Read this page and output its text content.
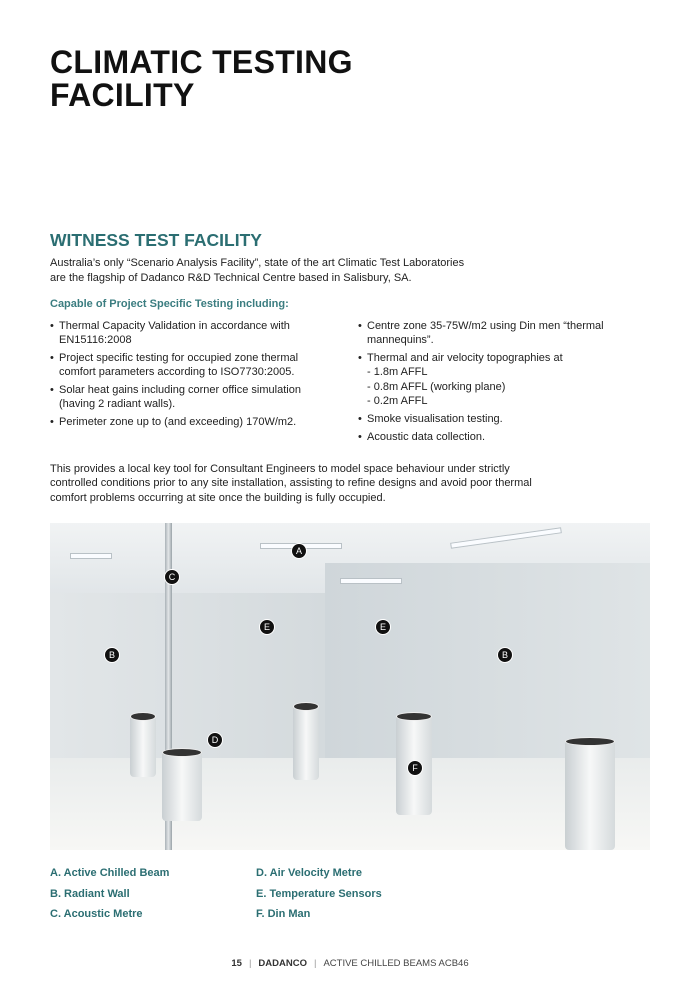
CLIMATIC TESTING
FACILITY
WITNESS TEST FACILITY
Australia’s only “Scenario Analysis Facility”, state of the art Climatic Test Laboratories
are the flagship of Dadanco R&D Technical Centre based in Salisbury, SA.
Capable of Project Specific Testing including:
• Thermal Capacity Validation in accordance with EN15116:2008
• Project specific testing for occupied zone thermal comfort parameters according to ISO7730:2005.
• Solar heat gains including corner office simulation (having 2 radiant walls).
• Perimeter zone up to (and exceeding) 170W/m2.
• Centre zone 35-75W/m2 using Din men “thermal mannequins”.
• Thermal and air velocity topographies at
- 1.8m AFFL
- 0.8m AFFL (working plane)
- 0.2m AFFL
• Smoke visualisation testing.
• Acoustic data collection.
This provides a local key tool for Consultant Engineers to model space behaviour under strictly
controlled conditions prior to any site installation, assisting to refine designs and avoid poor thermal
comfort problems occurring at site once the building is fully occupied.
A
C
E	E
B	B
D
F
A. Active Chilled Beam
B. Radiant Wall
C. Acoustic Metre
D. Air Velocity Metre
E. Temperature Sensors
F. Din Man
15 | DADANCO | ACTIVE CHILLED BEAMS ACB46
